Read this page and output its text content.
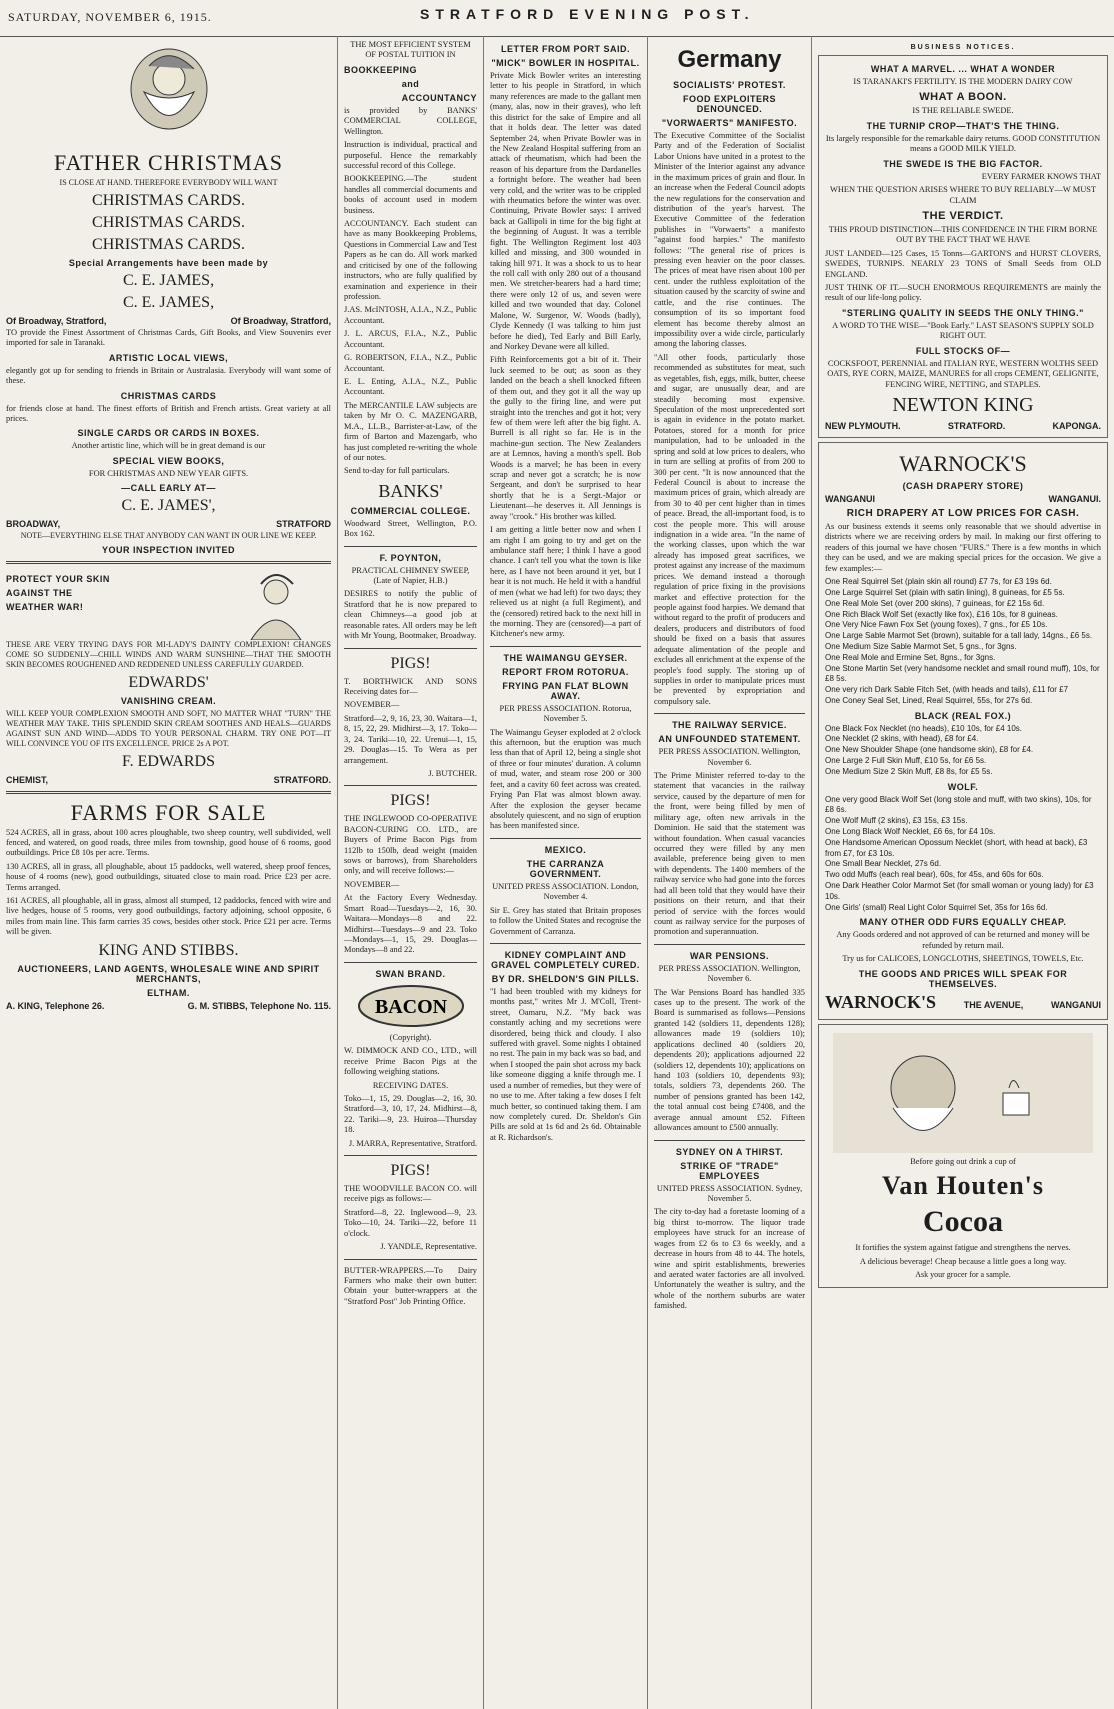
SATURDAY, NOVEMBER 6, 1915.	STRATFORD EVENING POST.
FATHER CHRISTMAS

IS CLOSE AT HAND. THEREFORE EVERYBODY WILL WANT

CHRISTMAS CARDS.
CHRISTMAS CARDS.
CHRISTMAS CARDS.
Special Arrangements have been made by
C. E. JAMES,
C. E. JAMES,
Of Broadway, Stratford,	Of Broadway, Stratford,

TO provide the Finest Assortment of Christmas Cards, Gift Books, and View Souvenirs ever imported for sale in Taranaki.

ARTISTIC LOCAL VIEWS,

elegantly got up for sending to friends in Britain or Australasia. Everybody will want some of these.

CHRISTMAS CARDS

for friends close at hand. The finest efforts of British and French artists. Great variety at all prices.

SINGLE CARDS OR CARDS IN BOXES.

Another artistic line, which will be in great demand is our

SPECIAL VIEW BOOKS,

FOR CHRISTMAS AND NEW YEAR GIFTS.

—CALL EARLY AT—
C. E. JAMES',
BROADWAY,	STRATFORD

NOTE—EVERYTHING ELSE THAT ANYBODY CAN WANT IN OUR LINE WE KEEP.

YOUR INSPECTION INVITED
PROTECT YOUR SKIN
AGAINST THE
WEATHER WAR!

THESE ARE VERY TRYING DAYS FOR MI-LADY'S DAINTY COMPLEXION! CHANGES COME SO SUDDENLY—CHILL WINDS AND WARM SUNSHINE—THAT THE SMOOTH SKIN BECOMES ROUGHENED AND REDDENED UNLESS CAREFULLY GUARDED.

EDWARDS'
VANISHING CREAM.

WILL KEEP YOUR COMPLEXION SMOOTH AND SOFT, NO MATTER WHAT "TURN" THE WEATHER MAY TAKE. THIS SPLENDID SKIN CREAM SOOTHES AND HEALS—GUARDS AGAINST SUN AND WIND—ADDS TO YOUR PERSONAL CHARM. TRY ONE POT—IT WILL CONVINCE YOU OF ITS EXCELLENCE. PRICE 2s A POT.

F. EDWARDS
CHEMIST,	STRATFORD.
FARMS FOR SALE

524 ACRES, all in grass, about 100 acres ploughable, two sheep country, well subdivided, well fenced, and watered, on good roads, three miles from township, good house of 6 rooms, good outbuildings. Price £8 10s per acre. Terms.

130 ACRES, all in grass, all ploughable, about 15 paddocks, well watered, sheep proof fences, house of 4 rooms (new), good outbuildings, situated close to main road. Price £23 per acre. Terms arranged.

161 ACRES, all ploughable, all in grass, almost all stumped, 12 paddocks, fenced with wire and live hedges, house of 5 rooms, very good outbuildings, factory adjoining, school opposite, 6 miles from main line. This farm carries 35 cows, besides other stock. Price £21 per acre. Terms will be given.

KING AND STIBBS.
AUCTIONEERS, LAND AGENTS, WHOLESALE WINE AND SPIRIT MERCHANTS,
ELTHAM.
A. KING, Telephone 26.	G. M. STIBBS, Telephone No. 115.

THE MOST EFFICIENT SYSTEM OF POSTAL TUITION IN

BOOKKEEPING
and
ACCOUNTANCY

is provided by BANKS' COMMERCIAL COLLEGE, Wellington.

Instruction is individual, practical and purposeful. Hence the remarkably successful record of this College.

BOOKKEEPING.—The student handles all commercial documents and books of account used in modern business.

ACCOUNTANCY. Each student can have as many Bookkeeping Problems, Questions in Commercial Law and Test Papers as he can do. All work marked and criticised by one of the following instructors, who are fully qualified by examination and experience in their profession.

J.AS. McINTOSH, A.I.A., N.Z., Public Accountant.

J. L. ARCUS, F.I.A., N.Z., Public Accountant.

G. ROBERTSON, F.I.A., N.Z., Public Accountant.

E. L. Enting, A.I.A., N.Z., Public Accountant.

The MERCANTILE LAW subjects are taken by Mr O. C. MAZENGARB, M.A., LL.B., Barrister-at-Law, of the firm of Barton and Mazengarb, who has just completed re-writing the whole of our notes.

Send to-day for full particulars.

BANKS'
COMMERCIAL COLLEGE.

Woodward Street, Wellington, P.O. Box 162.

F. POYNTON,

PRACTICAL CHIMNEY SWEEP, (Late of Napier, H.B.)

DESIRES to notify the public of Stratford that he is now prepared to clean Chimneys—a good job at reasonable rates. All orders may be left with Mr Young, Bootmaker, Broadway.

PIGS!

T. BORTHWICK AND SONS Receiving dates for—

NOVEMBER—

Stratford—2, 9, 16, 23, 30. Waitara—1, 8, 15, 22, 29. Midhirst—3, 17. Toko—3, 24. Tariki—10, 22. Urenui—1, 15, 29. Douglas—15. To Wera as per arrangement.

J. BUTCHER.

PIGS!

THE INGLEWOOD CO-OPERATIVE BACON-CURING CO. LTD., are Buyers of Prime Bacon Pigs from 112lb to 150lb, dead weight (maiden sows or barrows), from Shareholders only, and will receive follows:—

NOVEMBER—

At the Factory Every Wednesday. Smart Road—Tuesdays—2, 16, 30. Waitara—Mondays—8 and 22. Midhirst—Tuesdays—9 and 23. Toko—Mondays—1, 15, 29. Douglas—Mondays—8 and 22.

SWAN BRAND.
BACON

(Copyright).

W. DIMMOCK AND CO., LTD., will receive Prime Bacon Pigs at the following weighing stations.

RECEIVING DATES.

Toko—1, 15, 29. Douglas—2, 16, 30. Stratford—3, 10, 17, 24. Midhirst—8, 22. Tariki—9, 23. Huiroa—Thursday 18.

J. MARRA, Representative, Stratford.

PIGS!

THE WOODVILLE BACON CO. will receive pigs as follows:—

Stratford—8, 22. Inglewood—9, 23. Toko—10, 24. Tariki—22, before 11 o'clock.

J. YANDLE, Representative.

BUTTER-WRAPPERS.—To Dairy Farmers who make their own butter: Obtain your butter-wrappers at the "Stratford Post" Job Printing Office.

LETTER FROM PORT SAID.
"MICK" BOWLER IN HOSPITAL.

Private Mick Bowler writes an interesting letter to his people in Stratford, in which many references are made to the gallant men (many, alas, now in their graves), who left this district for the sake of Empire and all that it holds dear. The letter was dated September 24, when Private Bowler was in the New Zealand Hospital suffering from an attack of rheumatism, which had been the reason of his departure from the Dardanelles a fortnight before. The weather had been very cold, and the writer was to be crippled with rheumatics before the winter was over. Continuing, Private Bowler says: I arrived back at Gallipoli in time for the big fight at the beginning of August. It was a terrible fight. The Wellington Regiment lost 403 killed and missing, and 300 wounded in taking hill 971. It was a shock to us to hear the roll call with only 280 out of a thousand men. We stretcher-bearers had a hard time; there were only 12 of us, and seven were killed and two wounded that day. Colonel Malone, W. Surgenor, W. Woods (badly), Clyde Kennedy (I was talking to him just before he died), Ted Early and Bill Early, and Norkey Devane were all killed.

Fifth Reinforcements got a bit of it. Their luck seemed to be out; as soon as they landed on the beach a shell knocked fifteen of them out, and they got it all the way up the gully to the firing line, and were put straight into the trenches and got it hot; very few of them were left after the big fight. A. Burrell is all right so far. He is in the machine-gun section. The New Zealanders are at Lemnos, having a month's spell. Bob Woods is a marvel; he has been in every scrap and never got a scratch; he is now Sergeant, and don't be surprised to hear shortly that he is a Sergt.-Major or Lieutenant—he deserves it. All Jennings is away "crook." His brother was killed.

I am getting a little better now and when I am right I am going to try and get on the ambulance staff here; I think I have a good chance. I can't tell you what the town is like here, as I have not been around it yet, but I hear it is not much. He held it with a handful of men (what we had left) for two days; they relieved us at night (a full Regiment), and the (censored) retired back to the next hill in the morning. They are (censored)—a part of Kitchener's new army.

THE WAIMANGU GEYSER.
REPORT FROM ROTORUA.
FRYING PAN FLAT BLOWN AWAY.

PER PRESS ASSOCIATION. Rotorua, November 5.

The Waimangu Geyser exploded at 2 o'clock this afternoon, but the eruption was much less than that of April 12, being a single shot of three or four minutes' duration. A column of mud, water, and steam rose 200 or 300 feet, and a cavity 60 feet across was created. Frying Pan Flat was almost blown away. After the explosion the geyser became absolutely quiescent, and no sign of eruption has been manifested since.

MEXICO.
THE CARRANZA GOVERNMENT.

UNITED PRESS ASSOCIATION. London, November 4.

Sir E. Grey has stated that Britain proposes to follow the United States and recognise the Government of Carranza.

KIDNEY COMPLAINT AND GRAVEL COMPLETELY CURED.
BY DR. SHELDON'S GIN PILLS.

"I had been troubled with my kidneys for months past," writes Mr J. M'Coll, Trent-street, Oamaru, N.Z. "My back was constantly aching and my secretions were disordered, being thick and cloudy. I also suffered with gravel. Some nights I obtained no rest. The pain in my back was so bad, and when I stooped the pain shot across my back like someone digging a knife through me. I used a number of remedies, but they were of no use to me. After taking a few doses I felt much better, so continued taking them. I am now completely cured. Dr. Sheldon's Gin Pills are sold at 1s 6d and 2s 6d. Obtainable at R. Richardson's.

Germany
SOCIALISTS' PROTEST.
FOOD EXPLOITERS DENOUNCED.
"VORWAERTS" MANIFESTO.

The Executive Committee of the Socialist Party and of the Federation of Socialist Labor Unions have united in a protest to the Minister of the Interior against any advance in the maximum prices of grain and flour. In an increase when the Federal Council adopts the new regulations for the conservation and distribution of the year's harvest. The Executive Committee of the federation publishes in "Vorwaerts" a manifesto "against food harpies." The manifesto follows: "The general rise of prices is pressing even heavier on the poor classes. The prices of meat have risen about 100 per cent. under the ruthless exploitation of the situation caused by the scarcity of swine and cattle, and the rise continues. The consumption of its so important food element has become thereby almost an impossibility over a wide circle, particularly among the laboring classes.

"All other foods, particularly those recommended as substitutes for meat, such as vegetables, fish, eggs, milk, butter, cheese and sugar, are unusually dear, and are steadily becoming most expensive. Speculation of the most unprecedented sort is again in evidence in the potato market. Potatoes, stored for a month for price manipulation, had to be unloaded in the spring and sold at low prices to dealers, who in turn are selling at profits of from 200 to 300 per cent. "It is now announced that the Federal Council is about to increase the maximum prices of grain, which already are from 30 to 40 per cent higher than in times of peace. Bread, the all-important food, is to cost the people more. This will arouse indignation in a wide area. "In the name of the working classes, upon which the war already has imposed great sacrifices, we protest against any increase of the maximum prices. We demand instead a thorough regulation of price fixing in the provisions market and effective protection for the people against food harpies. We demand that without regard to the profit of producers and dealers, producers and distributors of food should be fixed on a basis that assures adequate alimentation of the people and excludes all enrichment at the expense of the people's food supply. The storing up of supplies in order to manipulate prices must be prevented by expropriation and compulsory sale.

THE RAILWAY SERVICE.
AN UNFOUNDED STATEMENT.

PER PRESS ASSOCIATION. Wellington, November 6.

The Prime Minister referred to-day to the statement that vacancies in the railway service, caused by the departure of men for the front, were being filled by men of military age, often new arrivals in the Dominion. He said that the statement was without foundation. When casual vacancies occurred they were filled by any men available, preference being given to men with dependents. The 1400 members of the railway service who had gone into the forces had all been told that they would have their positions on their return, and that their period of service with the forces would count as railway service for the purposes of promotion and superannuation.

WAR PENSIONS.

PER PRESS ASSOCIATION. Wellington, November 6.

The War Pensions Board has handled 335 cases up to the present. The work of the Board is summarised as follows—Pensions granted 142 (soldiers 11, dependents 128); allowances made 19 (soldiers 10); applications declined 40 (soldiers 20, dependents 20); applications adjourned 22 (soldiers 12, dependents 10); applications on hand 103 (soldiers 10, dependents 93); totals, soldiers 73, dependents 260. The number of pensions granted has been 142, the total annual cost being £7408, and the average annual amount £52. Fifteen allowances amount to £500 annually.

SYDNEY ON A THIRST.
STRIKE OF "TRADE" EMPLOYEES

UNITED PRESS ASSOCIATION. Sydney, November 5.

The city to-day had a foretaste looming of a big thirst to-morrow. The liquor trade employees have struck for an increase of wages from £2 6s to £3 6s weekly, and a decrease in hours from 48 to 44. The hotels, wine and spirit establishments, breweries and aerated water factories are all involved. Unfortunately the weather is sultry, and the whole of the northern suburbs are water famished.

BUSINESS NOTICES.
WHAT A MARVEL. ... WHAT A WONDER

IS TARANAKI'S FERTILITY. IS THE MODERN DAIRY COW

WHAT A BOON.

IS THE RELIABLE SWEDE.

THE TURNIP CROP—THAT'S THE THING.

Its largely responsible for the remarkable dairy returns. GOOD CONSTITUTION means a GOOD MILK YIELD.

THE SWEDE IS THE BIG FACTOR.

EVERY FARMER KNOWS THAT

WHEN THE QUESTION ARISES WHERE TO BUY RELIABLY—W MUST CLAIM

THE VERDICT.

THIS PROUD DISTINCTION—THIS CONFIDENCE IN THE FIRM BORNE OUT BY THE FACT THAT WE HAVE

JUST LANDED—125 Cases, 15 Tonns—GARTON'S and HURST CLOVERS, SWEDES, TURNIPS. NEARLY 23 TONS of Small Seeds from OLD ENGLAND.

JUST THINK OF IT.—SUCH ENORMOUS REQUIREMENTS are mainly the result of our life-long policy.

"STERLING QUALITY IN SEEDS THE ONLY THING."

A WORD TO THE WISE—"Book Early." LAST SEASON'S SUPPLY SOLD RIGHT OUT.

FULL STOCKS OF—

COCKSFOOT, PERENNIAL and ITALIAN RYE, WESTERN WOLTHS SEED OATS, RYE CORN, MAIZE, MANURES for all crops CEMENT, GELIGNITE, FENCING WIRE, NETTING, and STAPLES.

NEWTON KING
NEW PLYMOUTH.	STRATFORD.	KAPONGA.
WARNOCK'S
(CASH DRAPERY STORE)
WANGANUI	WANGANUI.
RICH DRAPERY AT LOW PRICES FOR CASH.

As our business extends it seems only reasonable that we should advertise in districts where we are receiving orders by mail. In making our first offering to readers of this journal we have chosen "FURS." There is a few months in which they can be used, and we are making special prices for the occasion. We give a few examples:—

One Real Squirrel Set (plain skin all round) £7 7s, for £3 19s 6d.
One Large Squirrel Set (plain with satin lining), 8 guineas, for £5 5s.
One Real Mole Set (over 200 skins), 7 guineas, for £2 15s 6d.
One Rich Black Wolf Set (exactly like fox), £16 10s, for 8 guineas.
One Very Nice Fawn Fox Set (young foxes), 7 gns., for £5 10s.
One Large Sable Marmot Set (brown), suitable for a tall lady, 14gns., £6 5s.
One Medium Size Sable Marmot Set, 5 gns., for 3gns.
One Real Mole and Ermine Set, 8gns., for 3gns.
One Stone Martin Set (very handsome necklet and small round muff), 10s, for £8 5s.
One very rich Dark Sable Fitch Set, (with heads and tails), £11 for £7
One Coney Seal Set, Lined, Real Squirrel, 55s, for 27s 6d.
BLACK (REAL FOX.)
One Black Fox Necklet (no heads), £10 10s, for £4 10s.
One Necklet (2 skins, with head), £8 for £4.
One New Shoulder Shape (one handsome skin), £8 for £4.
One Large 2 Full Skin Muff, £10 5s, for £6 5s.
One Medium Size 2 Skin Muff, £8 8s, for £5 5s.
WOLF.
One very good Black Wolf Set (long stole and muff, with two skins), 10s, for £8 6s.
One Wolf Muff (2 skins), £3 15s, £3 15s.
One Long Black Wolf Necklet, £6 6s, for £4 10s.
One Handsome American Opossum Necklet (short, with head at back), £3 from £7, for £3 10s.
One Small Bear Necklet, 27s 6d.
Two odd Muffs (each real bear), 60s, for 45s, and 60s for 60s.
One Dark Heather Color Marmot Set (for small woman or young lady) for £3 10s.
One Girls' (small) Real Light Color Squirrel Set, 35s for 16s 6d.
MANY OTHER ODD FURS EQUALLY CHEAP.

Any Goods ordered and not approved of can be returned and money will be refunded by return mail.

Try us for CALICOES, LONGCLOTHS, SHEETINGS, TOWELS, Etc.

THE GOODS AND PRICES WILL SPEAK FOR THEMSELVES.
WARNOCK'S	THE AVENUE,	WANGANUI

Before going out drink a cup of

Van Houten's
Cocoa

It fortifies the system against fatigue and strengthens the nerves.

A delicious beverage! Cheap because a little goes a long way.

Ask your grocer for a sample.
